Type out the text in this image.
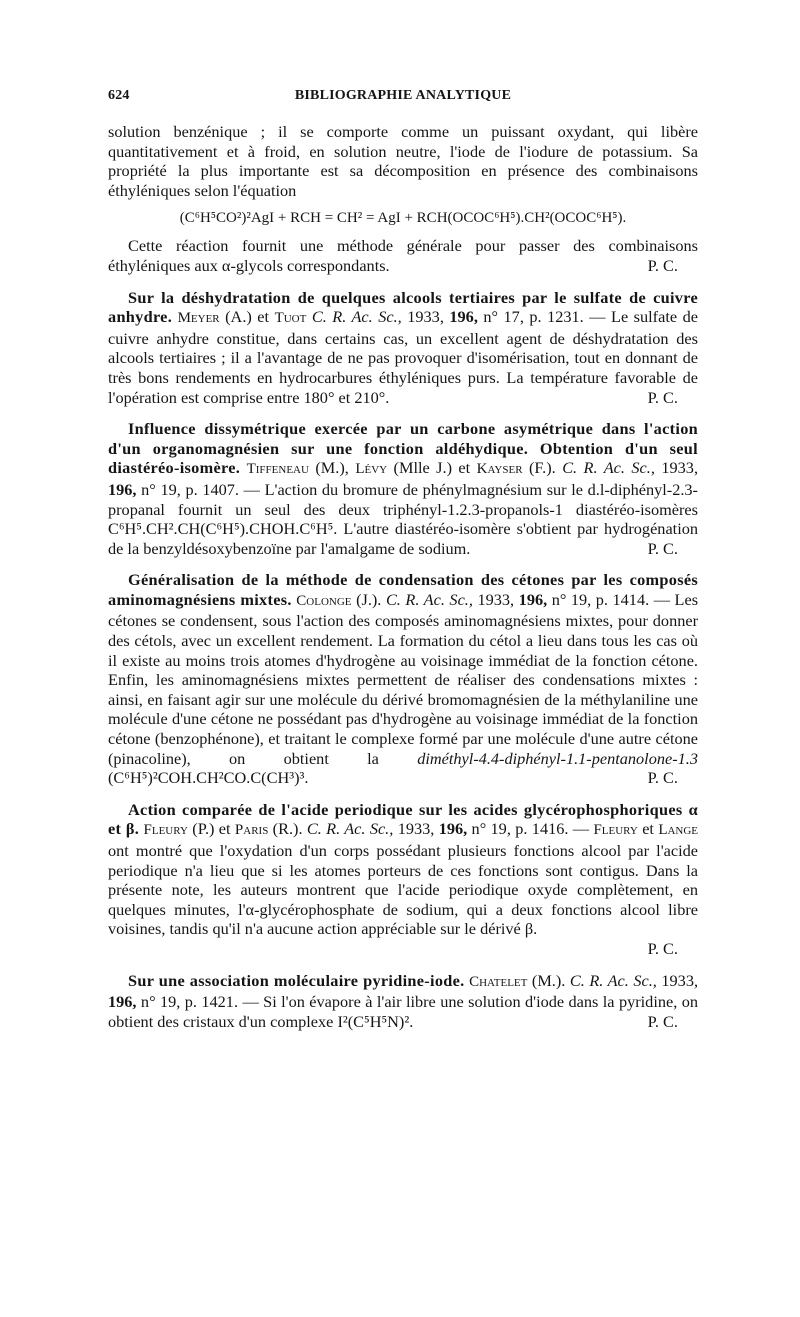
624	BIBLIOGRAPHIE ANALYTIQUE

solution benzénique ; il se comporte comme un puissant oxydant, qui libère quantitativement et à froid, en solution neutre, l'iode de l'iodure de potassium. Sa propriété la plus importante est sa décomposition en présence des combinaisons éthyléniques selon l'équation

(C⁶H⁵CO²)²AgI + RCH = CH² = AgI + RCH(OCOC⁶H⁵).CH²(OCOC⁶H⁵).

Cette réaction fournit une méthode générale pour passer des combinaisons éthyléniques aux α-glycols correspondants.	P. C.

Sur la déshydratation de quelques alcools tertiaires par le sulfate de cuivre anhydre. Meyer (A.) et Tuot C. R. Ac. Sc., 1933, 196, n° 17, p. 1231. — Le sulfate de cuivre anhydre constitue, dans certains cas, un excellent agent de déshydratation des alcools tertiaires ; il a l'avantage de ne pas provoquer d'isomérisation, tout en donnant de très bons rendements en hydrocarbures éthyléniques purs. La température favorable de l'opération est comprise entre 180° et 210°.	P. C.

Influence dissymétrique exercée par un carbone asymétrique dans l'action d'un organomagnésien sur une fonction aldéhydique. Obtention d'un seul diastéréo-isomère. Tiffeneau (M.), Lévy (Mlle J.) et Kayser (F.). C. R. Ac. Sc., 1933, 196, n° 19, p. 1407. — L'action du bromure de phénylmagnésium sur le d.l-diphényl-2.3-propanal fournit un seul des deux triphényl-1.2.3-propanols-1 diastéréo-isomères C⁶H⁵.CH².CH(C⁶H⁵).CHOH.C⁶H⁵. L'autre diastéréo-isomère s'obtient par hydrogénation de la benzyldésoxybenzoïne par l'amalgame de sodium.	P. C.

Généralisation de la méthode de condensation des cétones par les composés aminomagnésiens mixtes. Colonge (J.). C. R. Ac. Sc., 1933, 196, n° 19, p. 1414. — Les cétones se condensent, sous l'action des composés aminomagnésiens mixtes, pour donner des cétols, avec un excellent rendement. La formation du cétol a lieu dans tous les cas où il existe au moins trois atomes d'hydrogène au voisinage immédiat de la fonction cétone. Enfin, les aminomagnésiens mixtes permettent de réaliser des condensations mixtes : ainsi, en faisant agir sur une molécule du dérivé bromomagnésien de la méthylaniline une molécule d'une cétone ne possédant pas d'hydrogène au voisinage immédiat de la fonction cétone (benzophénone), et traitant le complexe formé par une molécule d'une autre cétone (pinacoline), on obtient la diméthyl-4.4-diphényl-1.1-pentanolone-1.3 (C⁶H⁵)²COH.CH²CO.C(CH³)³.	P. C.

Action comparée de l'acide periodique sur les acides glycérophosphoriques α et β. Fleury (P.) et Paris (R.). C. R. Ac. Sc., 1933, 196, n° 19, p. 1416. — Fleury et Lange ont montré que l'oxydation d'un corps possédant plusieurs fonctions alcool par l'acide periodique n'a lieu que si les atomes porteurs de ces fonctions sont contigus. Dans la présente note, les auteurs montrent que l'acide periodique oxyde complètement, en quelques minutes, l'α-glycérophosphate de sodium, qui a deux fonctions alcool libre voisines, tandis qu'il n'a aucune action appréciable sur le dérivé β.

P. C.

Sur une association moléculaire pyridine-iode. Chatelet (M.). C. R. Ac. Sc., 1933, 196, n° 19, p. 1421. — Si l'on évapore à l'air libre une solution d'iode dans la pyridine, on obtient des cristaux d'un complexe I²(C⁵H⁵N)².	P. C.
